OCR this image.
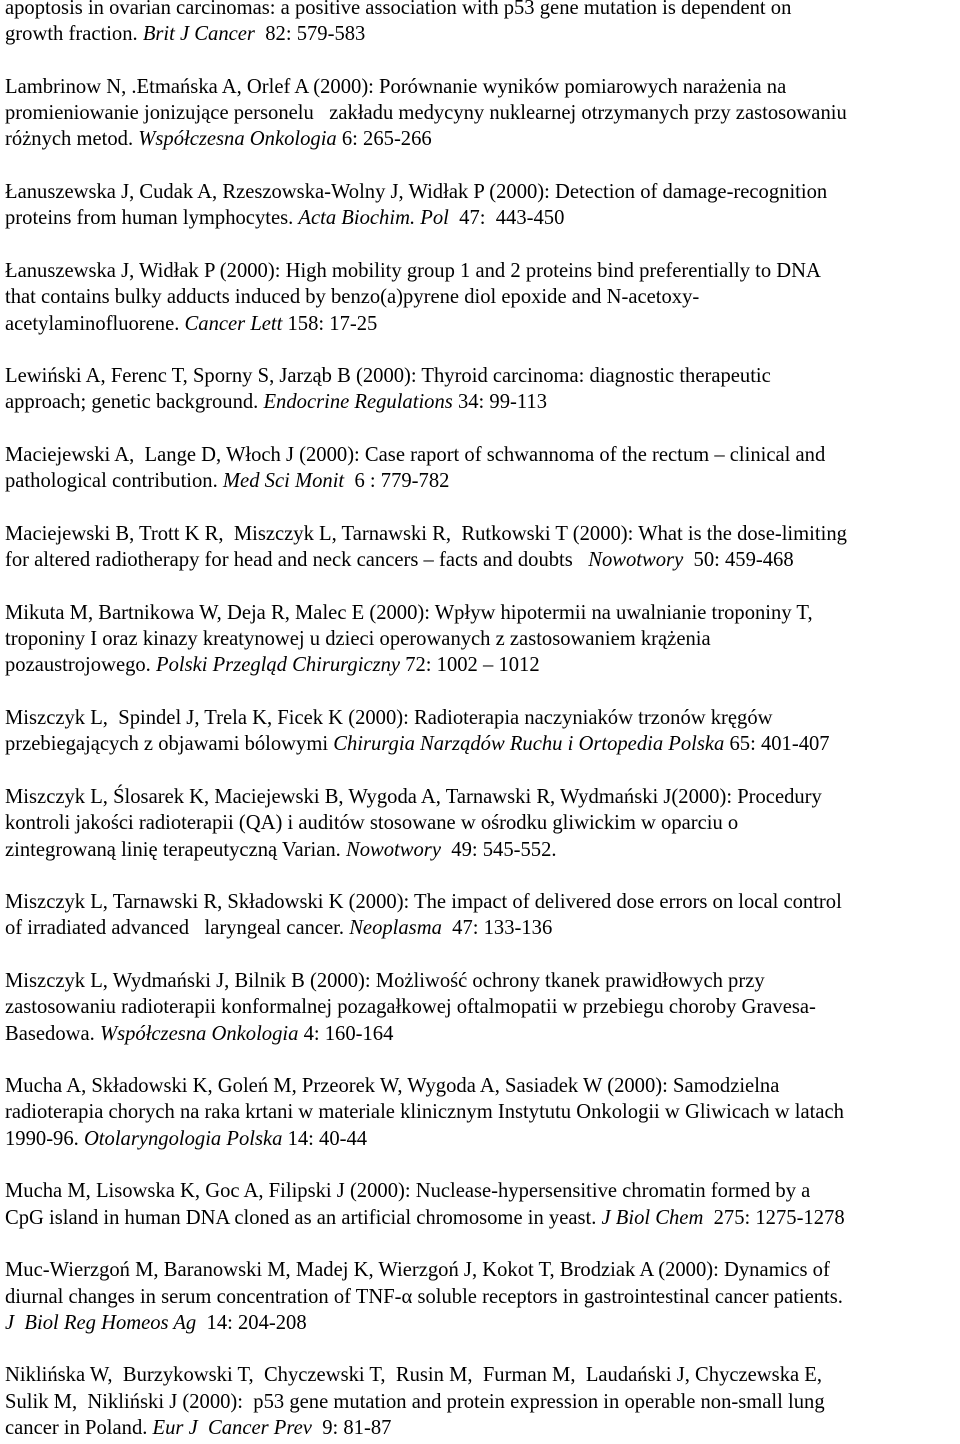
apoptosis in ovarian carcinomas: a positive association with p53 gene mutation is dependent on
growth fraction. Brit J Cancer  82: 579-583
Lambrinow N, .Etmańska A, Orlef A (2000): Porównanie wyników pomiarowych narażenia na
promieniowanie jonizujące personelu   zakładu medycyny nuklearnej otrzymanych przy zastosowaniu
różnych metod. Współczesna Onkologia 6: 265-266
Łanuszewska J, Cudak A, Rzeszowska-Wolny J, Widłak P (2000): Detection of damage-recognition
proteins from human lymphocytes. Acta Biochim. Pol  47:  443-450
Łanuszewska J, Widłak P (2000): High mobility group 1 and 2 proteins bind preferentially to DNA
that contains bulky adducts induced by benzo(a)pyrene diol epoxide and N-acetoxy-
acetylaminofluorene. Cancer Lett 158: 17-25
Lewiński A, Ferenc T, Sporny S, Jarząb B (2000): Thyroid carcinoma: diagnostic therapeutic
approach; genetic background. Endocrine Regulations 34: 99-113
Maciejewski A,  Lange D, Włoch J (2000): Case raport of schwannoma of the rectum – clinical and
pathological contribution. Med Sci Monit  6 : 779-782
Maciejewski B, Trott K R,  Miszczyk L, Tarnawski R,  Rutkowski T (2000): What is the dose-limiting
for altered radiotherapy for head and neck cancers – facts and doubts   Nowotwory  50: 459-468
Mikuta M, Bartnikowa W, Deja R, Malec E (2000): Wpływ hipotermii na uwalnianie troponiny T,
troponiny I oraz kinazy kreatynowej u dzieci operowanych z zastosowaniem krążenia
pozaustrojowego. Polski Przegląd Chirurgiczny 72: 1002 – 1012
Miszczyk L,  Spindel J, Trela K, Ficek K (2000): Radioterapia naczyniaków trzonów kręgów
przebiegających z objawami bólowymi Chirurgia Narządów Ruchu i Ortopedia Polska 65: 401-407
Miszczyk L, Ślosarek K, Maciejewski B, Wygoda A, Tarnawski R, Wydmański J(2000): Procedury
kontroli jakości radioterapii (QA) i auditów stosowane w ośrodku gliwickim w oparciu o
zintegrowaną linię terapeutyczną Varian. Nowotwory  49: 545-552.
Miszczyk L, Tarnawski R, Składowski K (2000): The impact of delivered dose errors on local control
of irradiated advanced   laryngeal cancer. Neoplasma  47: 133-136
Miszczyk L, Wydmański J, Bilnik B (2000): Możliwość ochrony tkanek prawidłowych przy
zastosowaniu radioterapii konformalnej pozagałkowej oftalmopatii w przebiegu choroby Gravesa-
Basedowa. Współczesna Onkologia 4: 160-164
Mucha A, Składowski K, Goleń M, Przeorek W, Wygoda A, Sasiadek W (2000): Samodzielna
radioterapia chorych na raka krtani w materiale klinicznym Instytutu Onkologii w Gliwicach w latach
1990-96. Otolaryngologia Polska 14: 40-44
Mucha M, Lisowska K, Goc A, Filipski J (2000): Nuclease-hypersensitive chromatin formed by a
CpG island in human DNA cloned as an artificial chromosome in yeast. J Biol Chem  275: 1275-1278
Muc-Wierzgoń M, Baranowski M, Madej K, Wierzgoń J, Kokot T, Brodziak A (2000): Dynamics of
diurnal changes in serum concentration of TNF-α soluble receptors in gastrointestinal cancer patients.
J  Biol Reg Homeos Ag  14: 204-208
Niklińska W,  Burzykowski T,  Chyczewski T,  Rusin M,  Furman M,  Laudański J, Chyczewska E,
Sulik M,  Nikliński J (2000):  p53 gene mutation and protein expression in operable non-small lung
cancer in Poland. Eur J  Cancer Prev  9: 81-87
